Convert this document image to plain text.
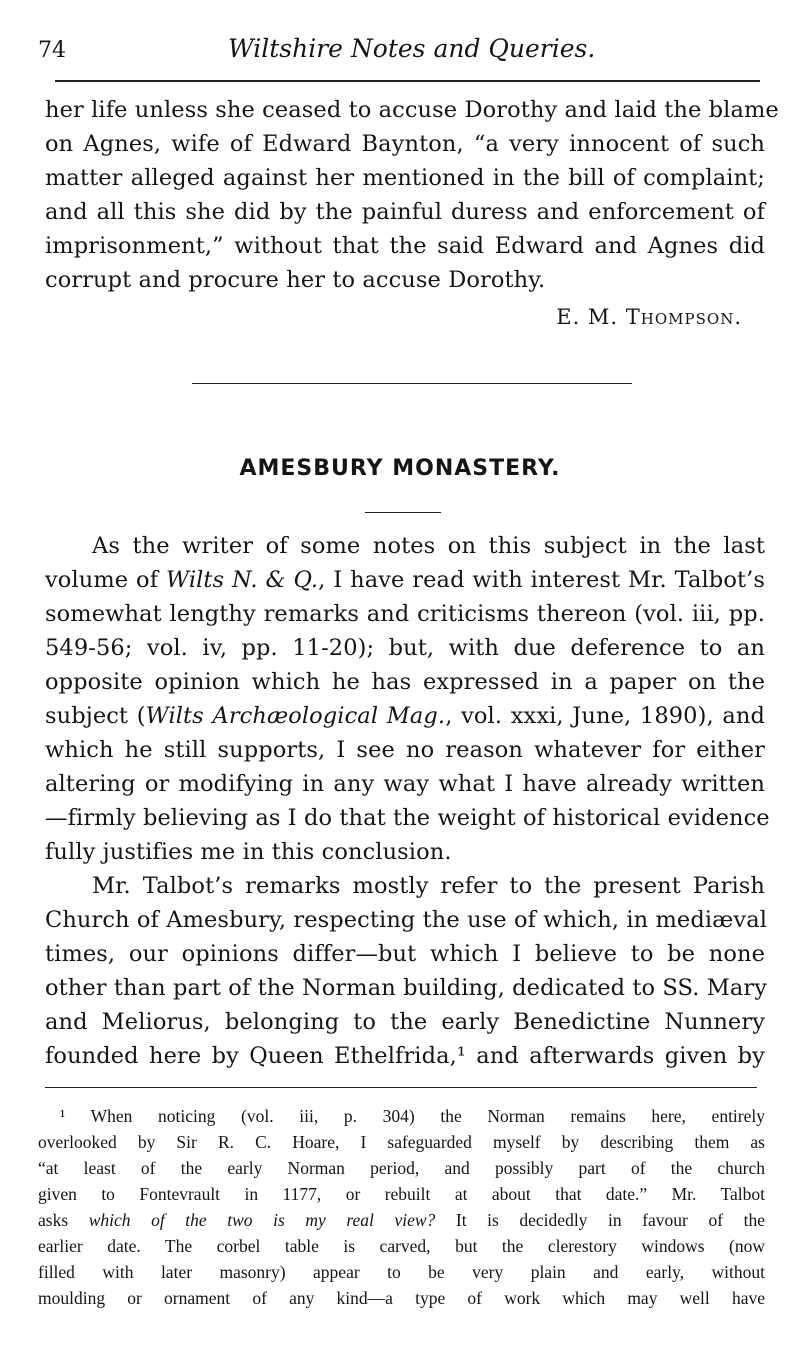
74	Wiltshire Notes and Queries.
her life unless she ceased to accuse Dorothy and laid the blame
on Agnes, wife of Edward Baynton, “a very innocent of such
matter alleged against her mentioned in the bill of complaint;
and all this she did by the painful duress and enforcement of
imprisonment,” without that the said Edward and Agnes did
corrupt and procure her to accuse Dorothy.
E. M. Thompson.
AMESBURY MONASTERY.
As the writer of some notes on this subject in the last
volume of Wilts N. & Q., I have read with interest Mr. Talbot’s
somewhat lengthy remarks and criticisms thereon (vol. iii, pp.
549-56; vol. iv, pp. 11-20); but, with due deference to an
opposite opinion which he has expressed in a paper on the
subject (Wilts Archæological Mag., vol. xxxi, June, 1890), and
which he still supports, I see no reason whatever for either
altering or modifying in any way what I have already written
—firmly believing as I do that the weight of historical evidence
fully justifies me in this conclusion.
Mr. Talbot’s remarks mostly refer to the present Parish
Church of Amesbury, respecting the use of which, in mediæval
times, our opinions differ—but which I believe to be none
other than part of the Norman building, dedicated to SS. Mary
and Meliorus, belonging to the early Benedictine Nunnery
founded here by Queen Ethelfrida,¹ and afterwards given by
¹ When noticing (vol. iii, p. 304) the Norman remains here, entirely
overlooked by Sir R. C. Hoare, I safeguarded myself by describing them as
“at least of the early Norman period, and possibly part of the church
given to Fontevrault in 1177, or rebuilt at about that date.” Mr. Talbot
asks which of the two is my real view? It is decidedly in favour of the
earlier date. The corbel table is carved, but the clerestory windows (now
filled with later masonry) appear to be very plain and early, without
moulding or ornament of any kind—a type of work which may well have
